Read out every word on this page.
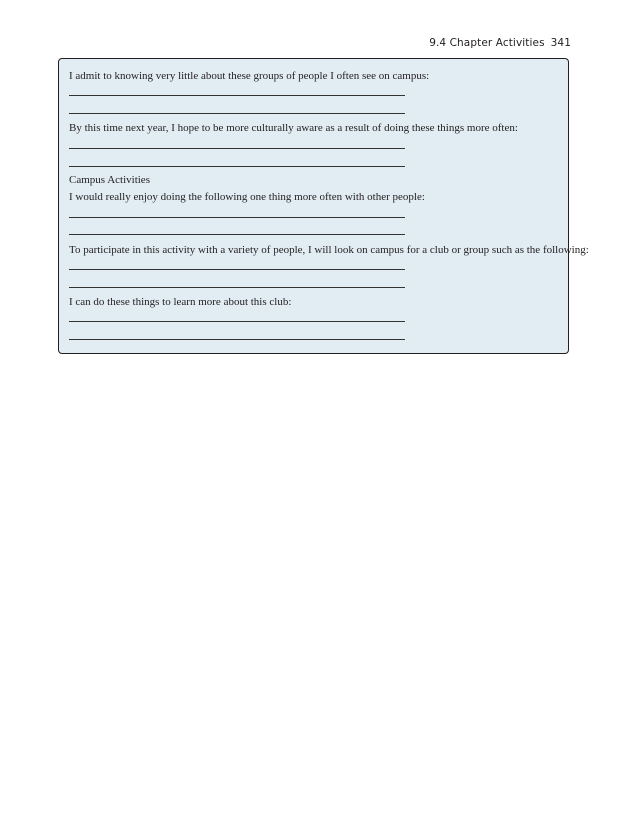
9.4 Chapter Activities 341
I admit to knowing very little about these groups of people I often see on campus:
By this time next year, I hope to be more culturally aware as a result of doing these things more often:
Campus Activities
I would really enjoy doing the following one thing more often with other people:
To participate in this activity with a variety of people, I will look on campus for a club or group such as the following:
I can do these things to learn more about this club:
